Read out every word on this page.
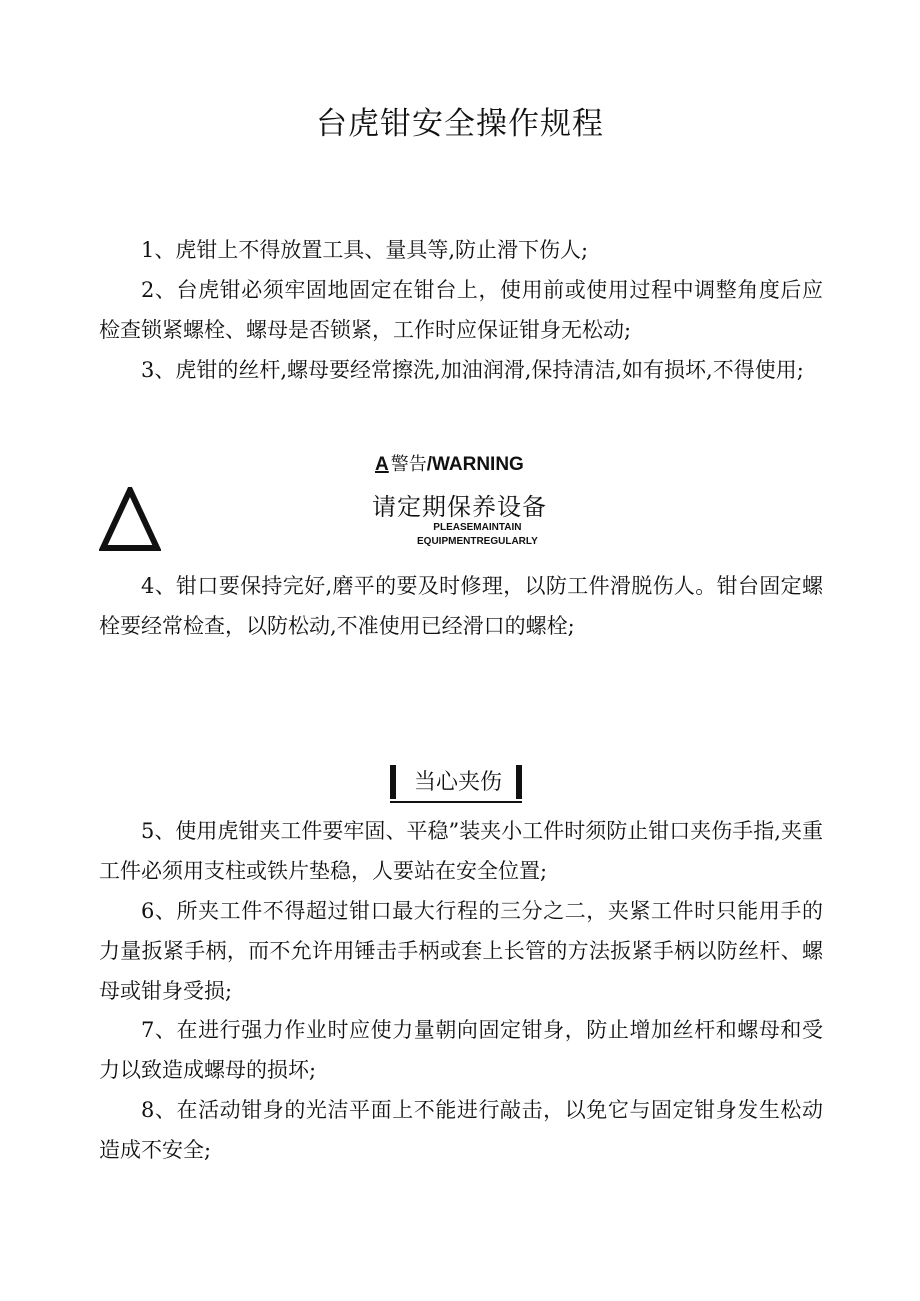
台虎钳安全操作规程

1、虎钳上不得放置工具、量具等,防止滑下伤人;

2、台虎钳必须牢固地固定在钳台上，使用前或使用过程中调整角度后应检查锁紧螺栓、螺母是否锁紧，工作时应保证钳身无松动;

3、虎钳的丝杆,螺母要经常擦洗,加油润滑,保持清洁,如有损坏,不得使用;

A 警告/WARNING
请定期保养设备
PLEASEMAINTAIN
EQUIPMENTREGULARLY

4、钳口要保持完好,磨平的要及时修理，以防工件滑脱伤人。钳台固定螺栓要经常检查，以防松动,不准使用已经滑口的螺栓;

当心夹伤

5、使用虎钳夹工件要牢固、平稳”装夹小工件时须防止钳口夹伤手指,夹重工件必须用支柱或铁片垫稳，人要站在安全位置;

6、所夹工件不得超过钳口最大行程的三分之二，夹紧工件时只能用手的力量扳紧手柄，而不允许用锤击手柄或套上长管的方法扳紧手柄以防丝杆、螺母或钳身受损;

7、在进行强力作业时应使力量朝向固定钳身，防止增加丝杆和螺母和受力以致造成螺母的损坏;

8、在活动钳身的光洁平面上不能进行敲击，以免它与固定钳身发生松动造成不安全;
